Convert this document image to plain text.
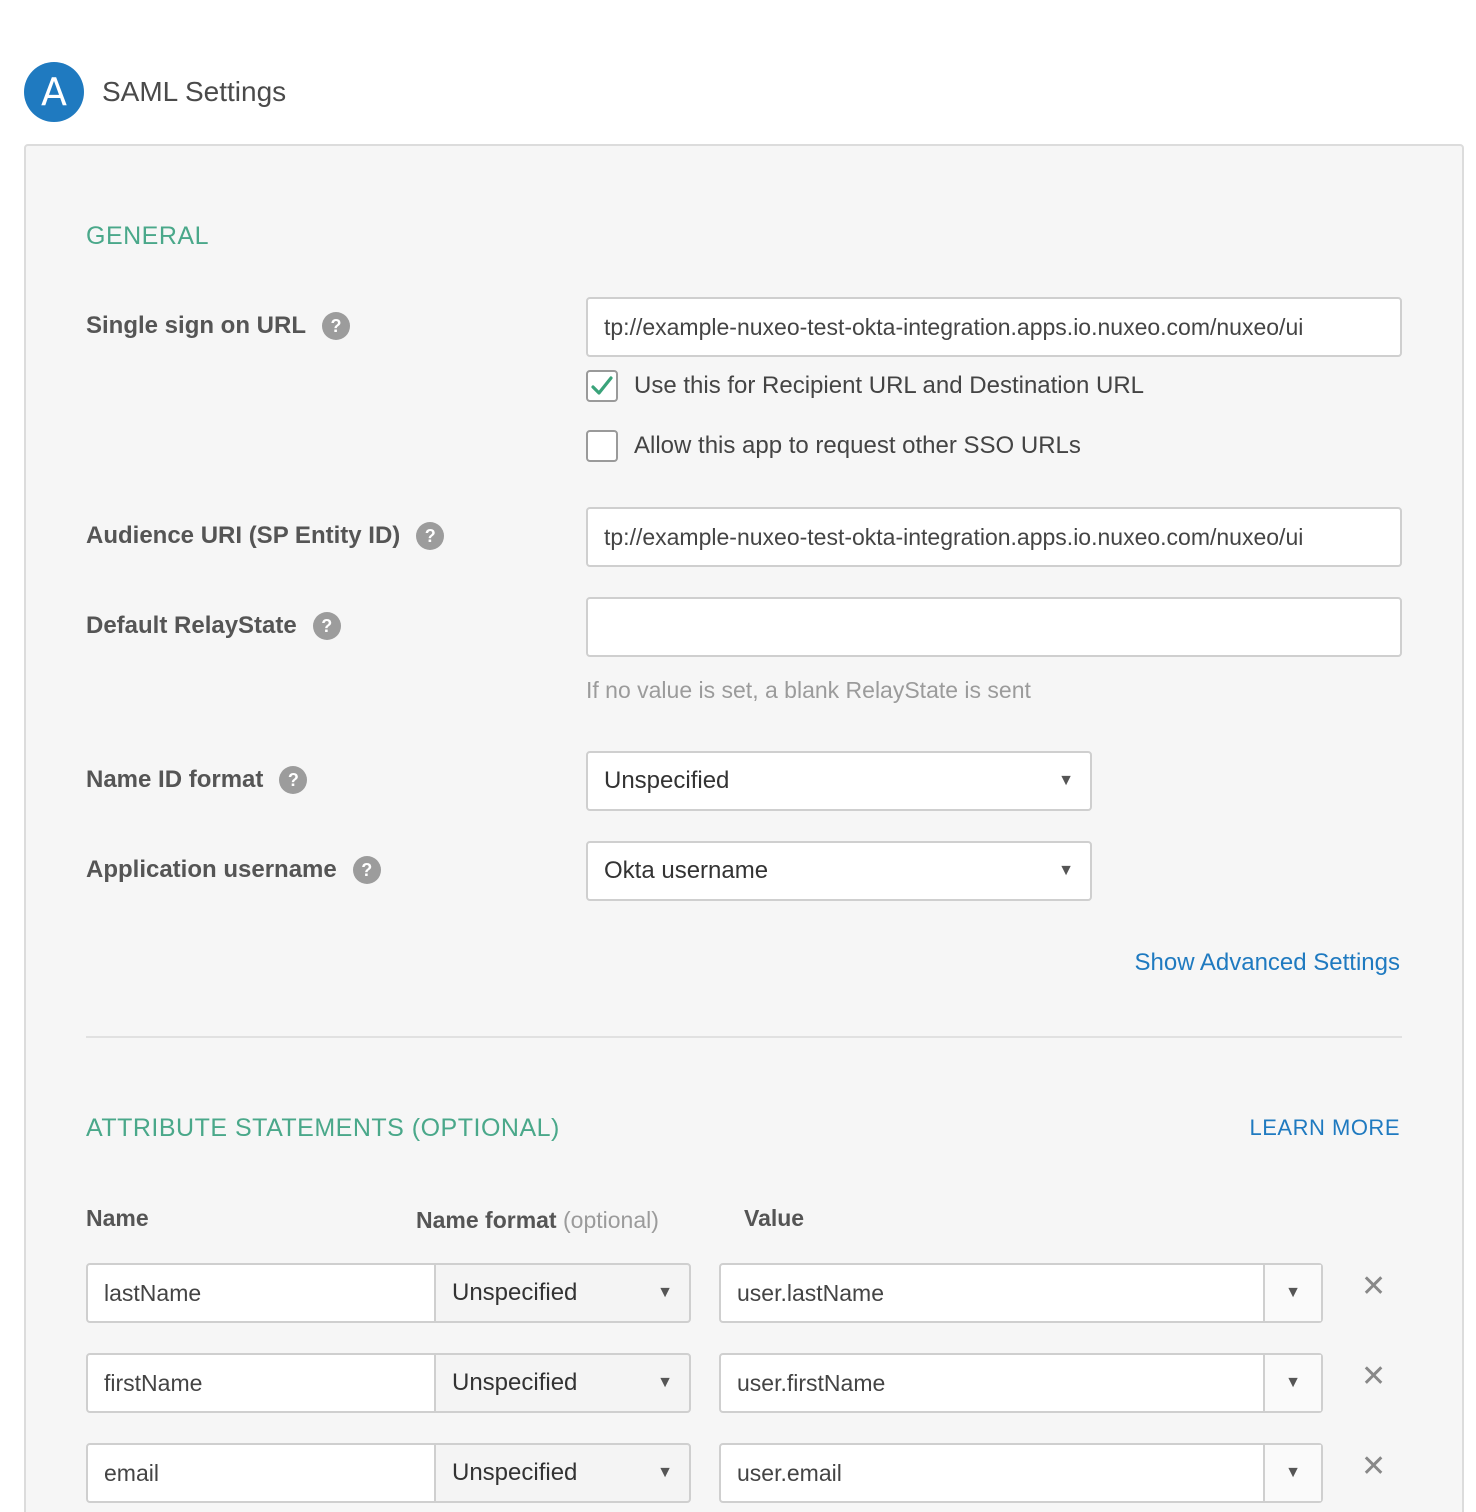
A	SAML Settings
GENERAL
Single sign on URL	?	tp://example-nuxeo-test-okta-integration.apps.io.nuxeo.com/nuxeo/ui
Use this for Recipient URL and Destination URL
Allow this app to request other SSO URLs
Audience URI (SP Entity ID)	?	tp://example-nuxeo-test-okta-integration.apps.io.nuxeo.com/nuxeo/ui
Default RelayState	?
If no value is set, a blank RelayState is sent
Name ID format	?	Unspecified	▼
Application username	?	Okta username	▼
Show Advanced Settings
ATTRIBUTE STATEMENTS (OPTIONAL)	LEARN MORE
Name	Name format (optional)	Value
lastName	Unspecified	▼	user.lastName	▼	✕
firstName	Unspecified	▼	user.firstName	▼	✕
email	Unspecified	▼	user.email	▼	✕
